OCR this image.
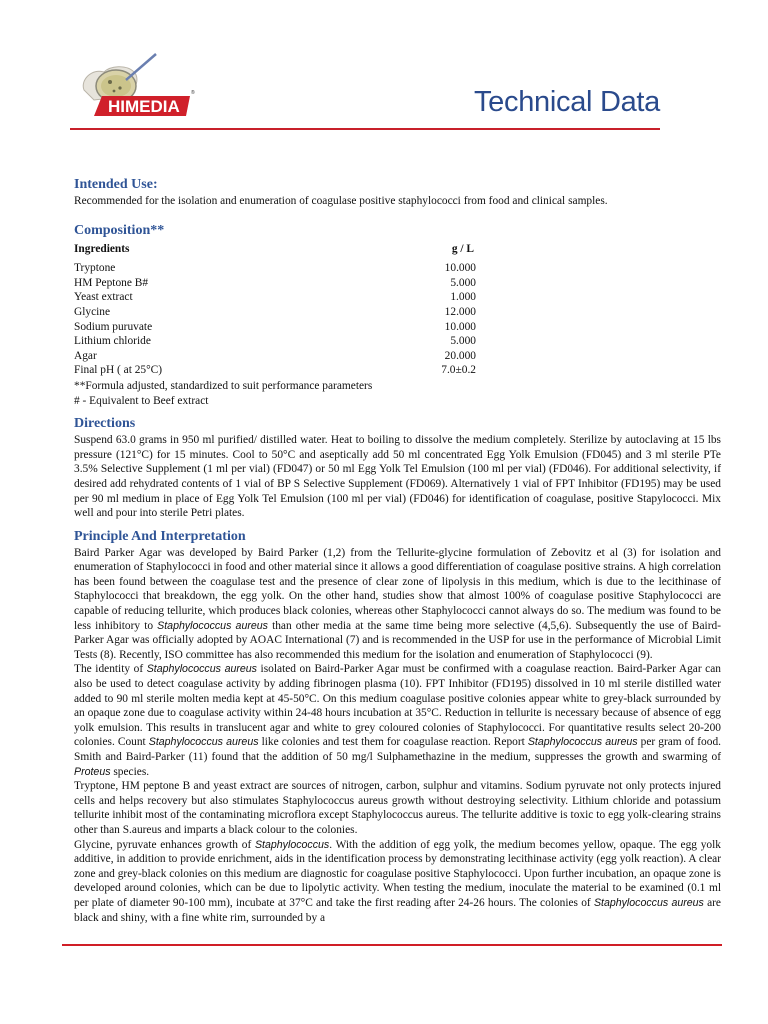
HIMEDIA
®	Technical Data
Intended Use:

Recommended for the isolation and enumeration of coagulase positive staphylococci from food and clinical samples.

Composition**
Ingredients	g / L
Tryptone	10.000
HM Peptone B#	5.000
Yeast extract	1.000
Glycine	12.000
Sodium puruvate	10.000
Lithium chloride	5.000
Agar	20.000
Final pH ( at 25°C)	7.0±0.2

**Formula adjusted, standardized to suit performance parameters

# - Equivalent to Beef extract

Directions

Suspend 63.0 grams in 950 ml purified/ distilled water. Heat to boiling to dissolve the medium completely. Sterilize by autoclaving at 15 lbs pressure (121°C) for 15 minutes. Cool to 50°C and aseptically add 50 ml concentrated Egg Yolk Emulsion (FD045) and 3 ml sterile PTe 3.5% Selective Supplement (1 ml per vial) (FD047) or 50 ml Egg Yolk Tel Emulsion (100 ml per vial) (FD046). For additional selectivity, if desired add rehydrated contents of 1 vial of BP S Selective Supplement (FD069). Alternatively 1 vial of FPT Inhibitor (FD195) may be used per 90 ml medium in place of Egg Yolk Tel Emulsion (100 ml per vial) (FD046) for identification of coagulase, positive Stapylococci. Mix well and pour into sterile Petri plates.

Principle And Interpretation

Baird Parker Agar was developed by Baird Parker (1,2) from the Tellurite-glycine formulation of Zebovitz et al (3) for isolation and enumeration of Staphylococci in food and other material since it allows a good differentiation of coagulase positive strains. A high correlation has been found between the coagulase test and the presence of clear zone of lipolysis in this medium, which is due to the lecithinase of Staphylococci that breakdown, the egg yolk. On the other hand, studies show that almost 100% of coagulase positive Staphylococci are capable of reducing tellurite, which produces black colonies, whereas other Staphylococci cannot always do so. The medium was found to be less inhibitory to Staphylococcus aureus than other media at the same time being more selective (4,5,6). Subsequently the use of Baird-Parker Agar was officially adopted by AOAC International (7) and is recommended in the USP for use in the performance of Microbial Limit Tests (8). Recently, ISO committee has also recommended this medium for the isolation and enumeration of Staphylococci (9).

The identity of Staphylococcus aureus isolated on Baird-Parker Agar must be confirmed with a coagulase reaction. Baird-Parker Agar can also be used to detect coagulase activity by adding fibrinogen plasma (10). FPT Inhibitor (FD195) dissolved in 10 ml sterile distilled water added to 90 ml sterile molten media kept at 45-50°C. On this medium coagulase positive colonies appear white to grey-black surrounded by an opaque zone due to coagulase activity within 24-48 hours incubation at 35°C. Reduction in tellurite is necessary because of absence of egg yolk emulsion. This results in translucent agar and white to grey coloured colonies of Staphylococci. For quantitative results select 20-200 colonies. Count Staphylococcus aureus like colonies and test them for coagulase reaction. Report Staphylococcus aureus per gram of food. Smith and Baird-Parker (11) found that the addition of 50 mg/l Sulphamethazine in the medium, suppresses the growth and swarming of Proteus species.

Tryptone, HM peptone B and yeast extract are sources of nitrogen, carbon, sulphur and vitamins. Sodium pyruvate not only protects injured cells and helps recovery but also stimulates Staphylococcus aureus growth without destroying selectivity. Lithium chloride and potassium tellurite inhibit most of the contaminating microflora except Staphylococcus aureus. The tellurite additive is toxic to egg yolk-clearing strains other than S.aureus and imparts a black colour to the colonies.

Glycine, pyruvate enhances growth of Staphylococcus. With the addition of egg yolk, the medium becomes yellow, opaque. The egg yolk additive, in addition to provide enrichment, aids in the identification process by demonstrating lecithinase activity (egg yolk reaction). A clear zone and grey-black colonies on this medium are diagnostic for coagulase positive Staphylococci. Upon further incubation, an opaque zone is developed around colonies, which can be due to lipolytic activity. When testing the medium, inoculate the material to be examined (0.1 ml per plate of diameter 90-100 mm), incubate at 37°C and take the first reading after 24-26 hours. The colonies of Staphylococcus aureus are black and shiny, with a fine white rim, surrounded by a
